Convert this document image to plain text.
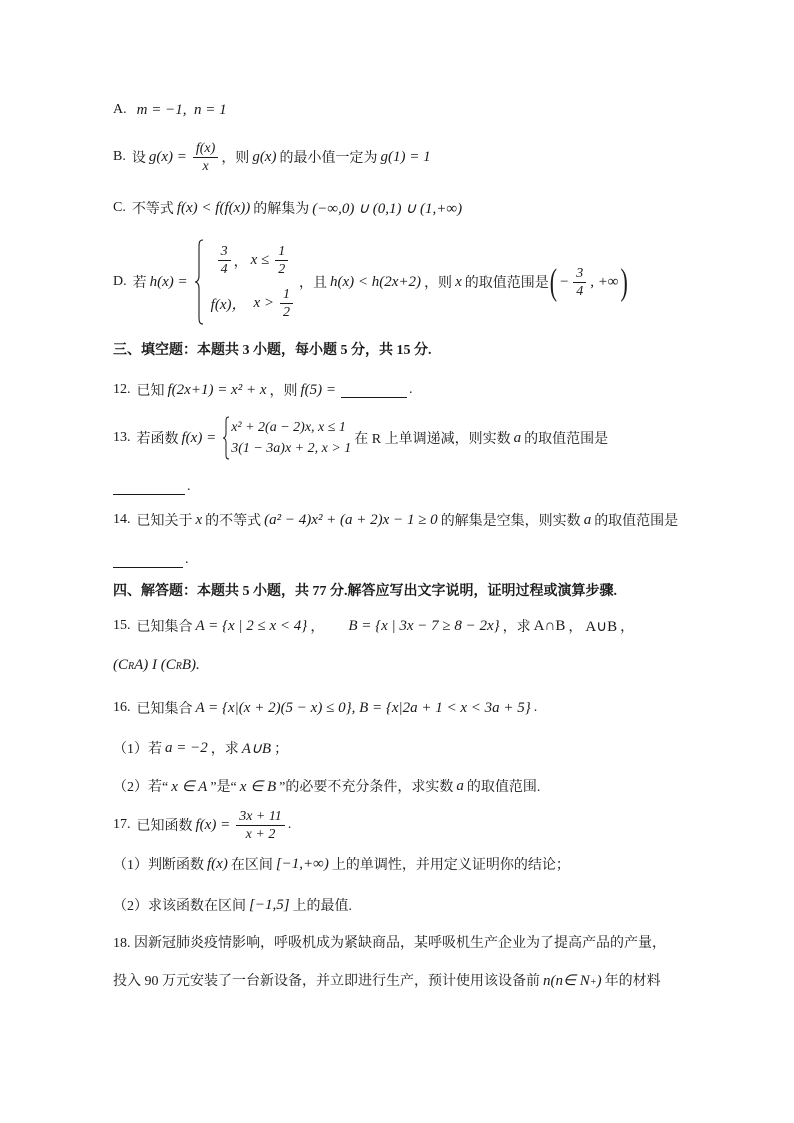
A. m = −1,  n = 1
B. 设 $g(x) = \frac{f(x)}{x}$ ，则 g(x) 的最小值一定为 g(1) = 1
C. 不等式 f(x) < f(f(x)) 的解集为 (−∞,0) ∪ (0,1) ∪ (1,+∞)
D. 若 h(x) =
$\frac{3}{4}$ ， $x \le \frac{1}{2}$
f(x)， $x > \frac{1}{2}$
，且 h(x) < h(2x+2) ，则 x 的取值范围是 ( − $\frac{3}{4}$ , +∞ )
三、填空题：本题共 3 小题，每小题 5 分，共 15 分.
12. 已知 f(2x+1) = x² + x ，则 f(5) =	.
13. 若函数 f(x) =
x² + 2(a − 2)x, x ≤ 1
3(1 − 3a)x + 2, x > 1
在 R 上单调递减，则实数 a 的取值范围是
.
14. 已知关于 x 的不等式 (a² − 4)x² + (a + 2)x − 1 ≥ 0 的解集是空集，则实数 a 的取值范围是
.
四、解答题：本题共 5 小题，共 77 分.解答应写出文字说明，证明过程或演算步骤.
15. 已知集合 A = {x | 2 ≤ x < 4} ， B = {x | 3x − 7 ≥ 8 − 2x} ，求 A∩B ， A∪B ，
(C R A) I (C R B).
16. 已知集合 A = {x|(x + 2)(5 − x) ≤ 0}, B = {x|2a + 1 < x < 3a + 5} .
（1）若 a = −2 ，求 A∪B ；
（2）若“ x ∈ A ”是“ x ∈ B ”的必要不充分条件，求实数 a 的取值范围.
17. 已知函数 $f(x) = \frac{3x + 11}{x + 2}$ .
（1）判断函数 f(x) 在区间 [−1,+∞) 上的单调性，并用定义证明你的结论；
（2）求该函数在区间 [−1,5] 上的最值.
18. 因新冠肺炎疫情影响，呼吸机成为紧缺商品，某呼吸机生产企业为了提高产品的产量，
投入 90 万元安装了一台新设备，并立即进行生产，预计使用该设备前 n(n∈ N + ) 年的材料
